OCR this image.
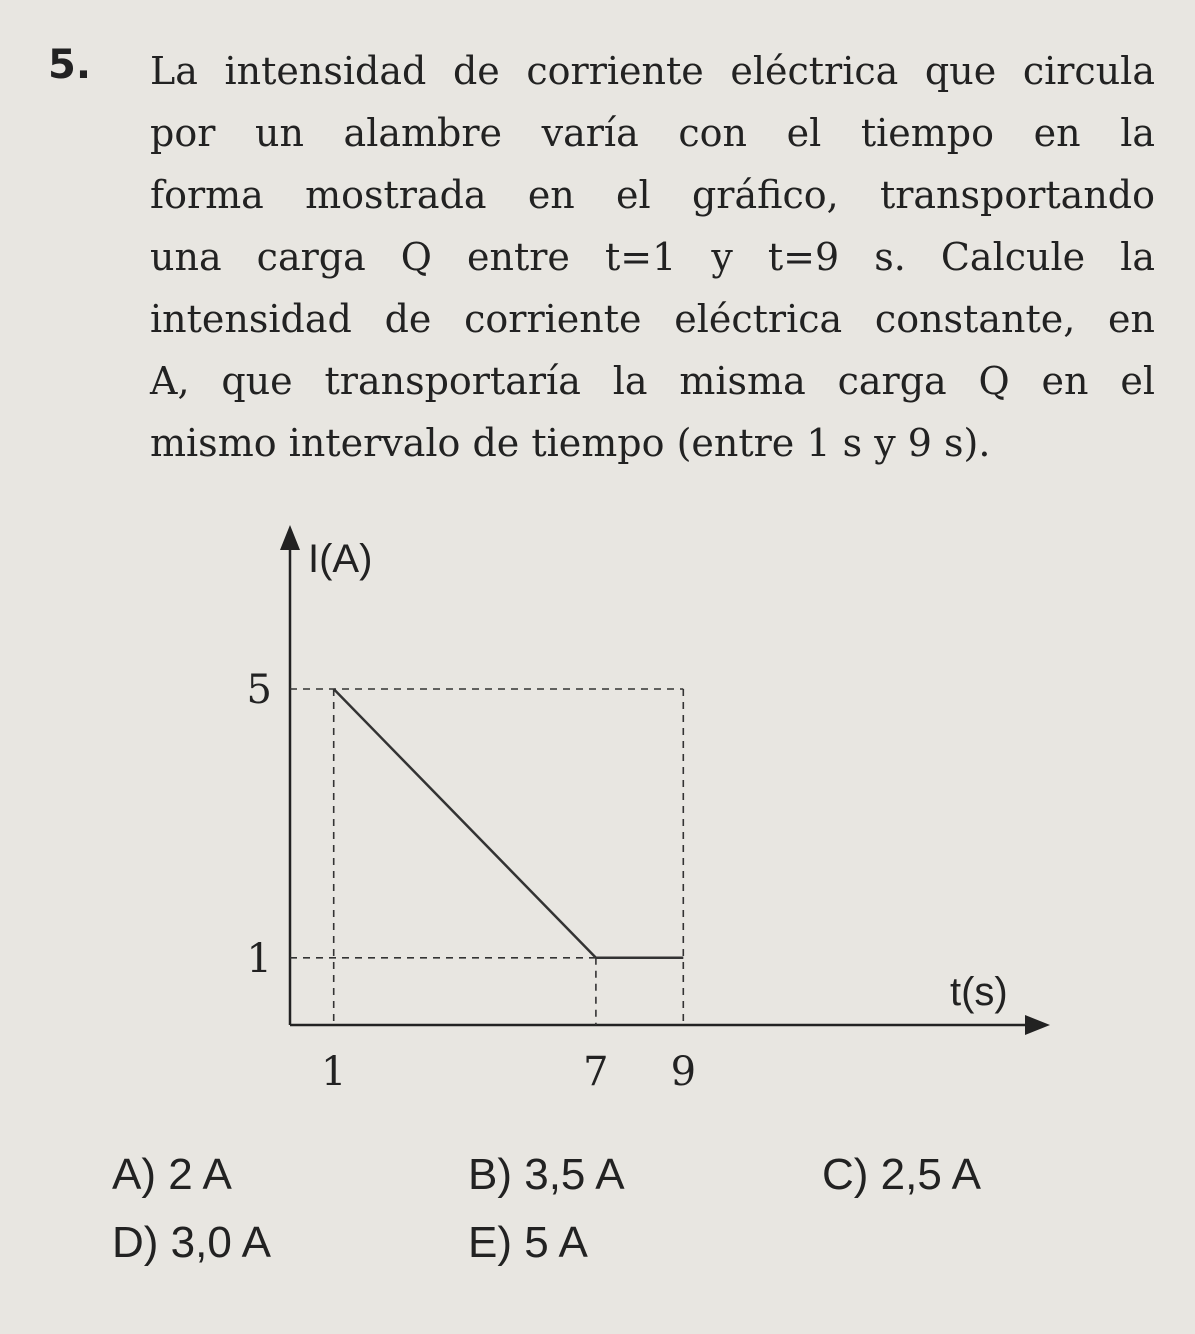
5. La intensidad de corriente eléctrica que circula
por un alambre varía con el tiempo en la
forma mostrada en el gráfico, transportando
una carga Q entre t=1 y t=9 s. Calcule la
intensidad de corriente eléctrica constante, en
A, que transportaría la misma carga Q en el
mismo intervalo de tiempo (entre 1 s y 9 s).
I(A)
t(s)
1	7 9
5
1
A) 2 A	B) 3,5 A	C) 2,5 A
D) 3,0 A	E) 5 A
